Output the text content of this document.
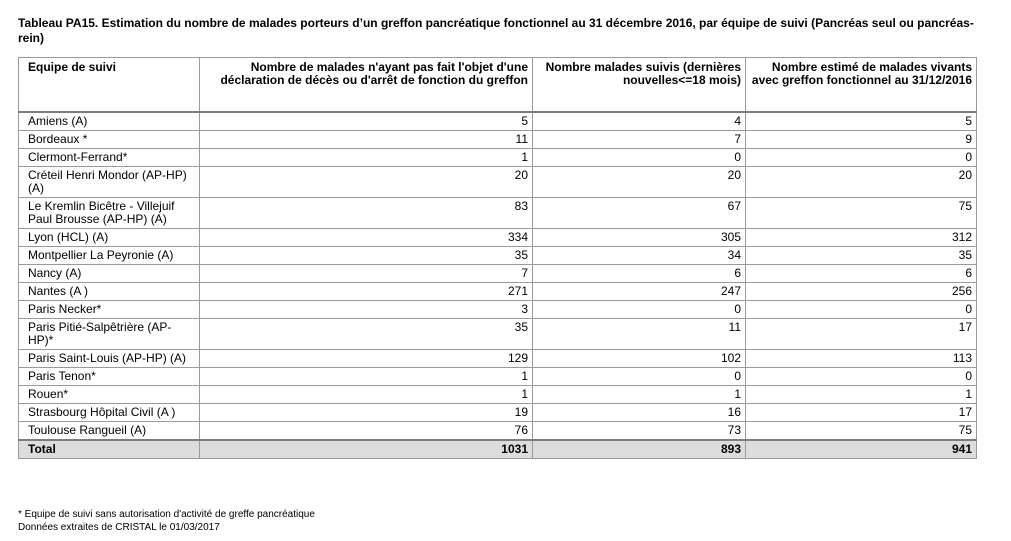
Tableau PA15. Estimation du nombre de malades porteurs d’un greffon pancréatique fonctionnel au 31 décembre 2016, par équipe de suivi (Pancréas seul ou pancréas-rein)
Equipe de suivi	Nombre de malades n'ayant pas fait l'objet d'une déclaration de décès ou d'arrêt de fonction du greffon	Nombre malades suivis (dernières nouvelles<=18 mois)	Nombre estimé de malades vivants avec greffon fonctionnel au 31/12/2016
Amiens (A)	5	4	5
Bordeaux *	11	7	9
Clermont-Ferrand*	1	0	0
Créteil Henri Mondor (AP-HP) (A)	20	20	20
Le Kremlin Bicêtre - Villejuif Paul Brousse (AP-HP) (A)	83	67	75
Lyon (HCL) (A)	334	305	312
Montpellier La Peyronie (A)	35	34	35
Nancy (A)	7	6	6
Nantes (A )	271	247	256
Paris Necker*	3	0	0
Paris Pitié-Salpêtrière (AP-HP)*	35	11	17
Paris Saint-Louis (AP-HP) (A)	129	102	113
Paris Tenon*	1	0	0
Rouen*	1	1	1
Strasbourg Hôpital Civil (A )	19	16	17
Toulouse Rangueil (A)	76	73	75
Total	1031	893	941
* Equipe de suivi sans autorisation d'activité de greffe pancréatique
Données extraites de CRISTAL le 01/03/2017
